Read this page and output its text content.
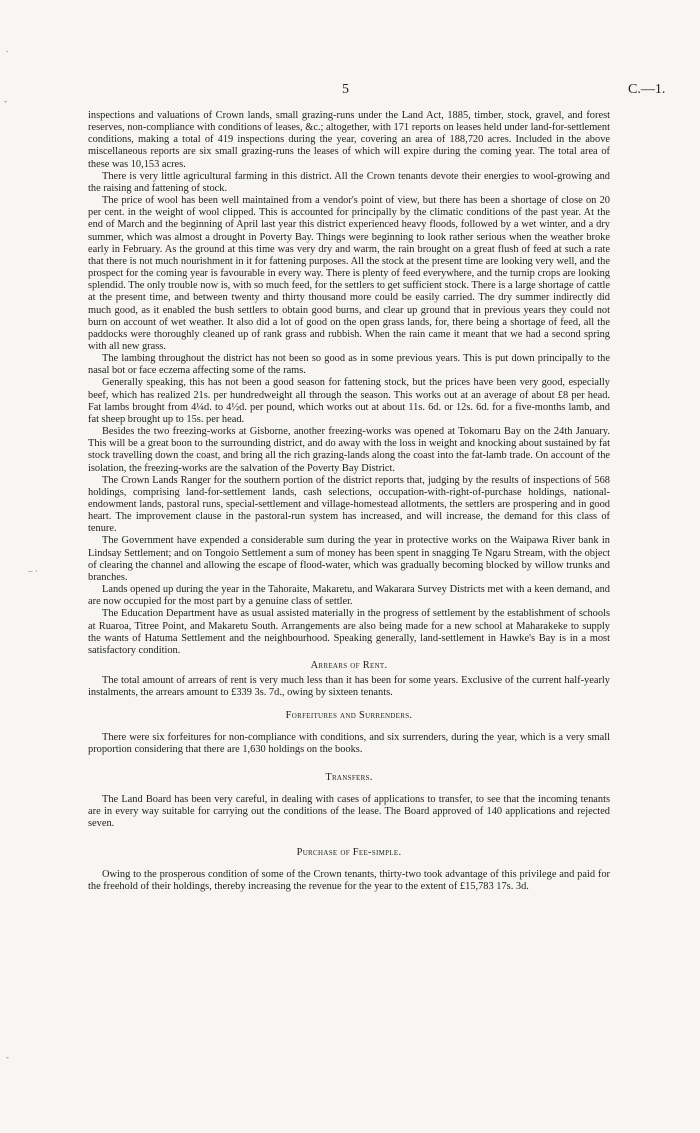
5	C.—1.
.
-
– ·
-

inspections and valuations of Crown lands, small grazing-runs under the Land Act, 1885, timber, stock, gravel, and forest reserves, non-compliance with conditions of leases, &c.; altogether, with 171 reports on leases held under land-for-settlement conditions, making a total of 419 inspections during the year, covering an area of 188,720 acres. Included in the above miscellaneous reports are six small grazing-runs the leases of which will expire during the coming year. The total area of these was 10,153 acres.

There is very little agricultural farming in this district. All the Crown tenants devote their energies to wool-growing and the raising and fattening of stock.

The price of wool has been well maintained from a vendor's point of view, but there has been a shortage of close on 20 per cent. in the weight of wool clipped. This is accounted for principally by the climatic conditions of the past year. At the end of March and the beginning of April last year this district experienced heavy floods, followed by a wet winter, and a dry summer, which was almost a drought in Poverty Bay. Things were beginning to look rather serious when the weather broke early in February. As the ground at this time was very dry and warm, the rain brought on a great flush of feed at such a rate that there is not much nourishment in it for fattening purposes. All the stock at the present time are looking very well, and the prospect for the coming year is favourable in every way. There is plenty of feed everywhere, and the turnip crops are looking splendid. The only trouble now is, with so much feed, for the settlers to get sufficient stock. There is a large shortage of cattle at the present time, and between twenty and thirty thousand more could be easily carried. The dry summer indirectly did much good, as it enabled the bush settlers to obtain good burns, and clear up ground that in previous years they could not burn on account of wet weather. It also did a lot of good on the open grass lands, for, there being a shortage of feed, all the paddocks were thoroughly cleaned up of rank grass and rubbish. When the rain came it meant that we had a second spring with all new grass.

The lambing throughout the district has not been so good as in some previous years. This is put down principally to the nasal bot or face eczema affecting some of the rams.

Generally speaking, this has not been a good season for fattening stock, but the prices have been very good, especially beef, which has realized 21s. per hundredweight all through the season. This works out at an average of about £8 per head. Fat lambs brought from 4¼d. to 4½d. per pound, which works out at about 11s. 6d. or 12s. 6d. for a five-months lamb, and fat sheep brought up to 15s. per head.

Besides the two freezing-works at Gisborne, another freezing-works was opened at Tokomaru Bay on the 24th January. This will be a great boon to the surrounding district, and do away with the loss in weight and knocking about sustained by fat stock travelling down the coast, and bring all the rich grazing-lands along the coast into the fat-lamb trade. On account of the isolation, the freezing-works are the salvation of the Poverty Bay District.

The Crown Lands Ranger for the southern portion of the district reports that, judging by the results of inspections of 568 holdings, comprising land-for-settlement lands, cash selections, occupation-with-right-of-purchase holdings, national-endowment lands, pastoral runs, special-settlement and village-homestead allotments, the settlers are prospering and in good heart. The improvement clause in the pastoral-run system has increased, and will increase, the demand for this class of tenure.

The Government have expended a considerable sum during the year in protective works on the Waipawa River bank in Lindsay Settlement; and on Tongoio Settlement a sum of money has been spent in snagging Te Ngaru Stream, with the object of clearing the channel and allowing the escape of flood-water, which was gradually becoming blocked by willow trunks and branches.

Lands opened up during the year in the Tahoraite, Makaretu, and Wakarara Survey Districts met with a keen demand, and are now occupied for the most part by a genuine class of settler.

The Education Department have as usual assisted materially in the progress of settlement by the establishment of schools at Ruaroa, Titree Point, and Makaretu South. Arrangements are also being made for a new school at Maharakeke to supply the wants of Hatuma Settlement and the neighbourhood. Speaking generally, land-settlement in Hawke's Bay is in a most satisfactory condition.

Arrears of Rent.

The total amount of arrears of rent is very much less than it has been for some years. Exclusive of the current half-yearly instalments, the arrears amount to £339 3s. 7d., owing by sixteen tenants.

Forfeitures and Surrenders.

There were six forfeitures for non-compliance with conditions, and six surrenders, during the year, which is a very small proportion considering that there are 1,630 holdings on the books.

Transfers.

The Land Board has been very careful, in dealing with cases of applications to transfer, to see that the incoming tenants are in every way suitable for carrying out the conditions of the lease. The Board approved of 140 applications and rejected seven.

Purchase of Fee-simple.

Owing to the prosperous condition of some of the Crown tenants, thirty-two took advantage of this privilege and paid for the freehold of their holdings, thereby increasing the revenue for the year to the extent of £15,783 17s. 3d.
